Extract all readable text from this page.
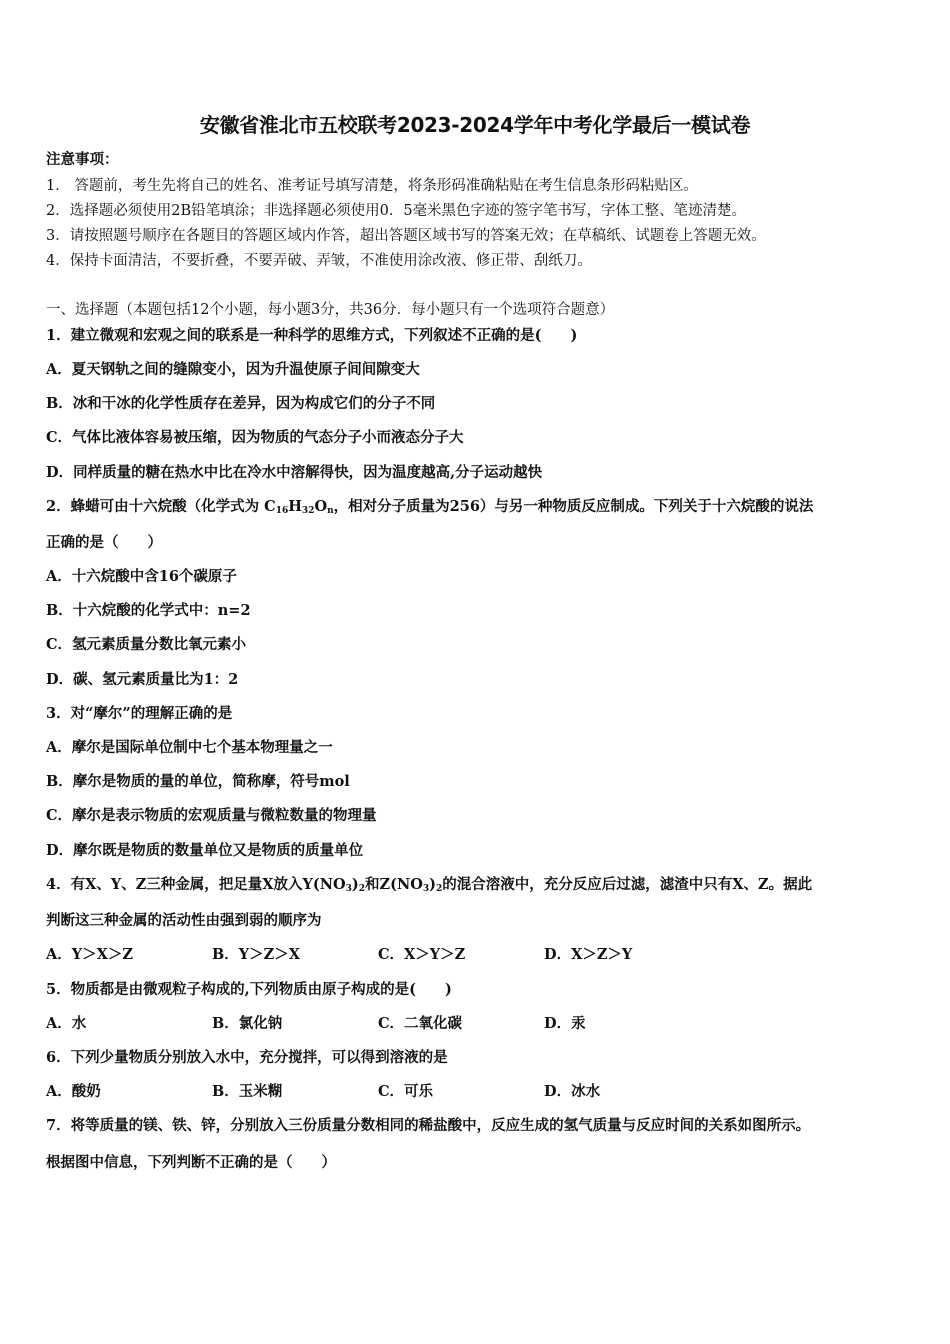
安徽省淮北市五校联考2023-2024学年中考化学最后一模试卷
注意事项：
1． 答题前，考生先将自己的姓名、准考证号填写清楚，将条形码准确粘贴在考生信息条形码粘贴区。
2．选择题必须使用2B铅笔填涂；非选择题必须使用0．5毫米黑色字迹的签字笔书写，字体工整、笔迹清楚。
3．请按照题号顺序在各题目的答题区域内作答，超出答题区域书写的答案无效；在草稿纸、试题卷上答题无效。
4．保持卡面清洁，不要折叠，不要弄破、弄皱，不准使用涂改液、修正带、刮纸刀。
一、选择题（本题包括12个小题，每小题3分，共36分．每小题只有一个选项符合题意）
1．建立微观和宏观之间的联系是一种科学的思维方式，下列叙述不正确的是(　　)
A．夏天钢轨之间的缝隙变小，因为升温使原子间间隙变大
B．冰和干冰的化学性质存在差异，因为构成它们的分子不同
C．气体比液体容易被压缩，因为物质的气态分子小而液态分子大
D．同样质量的糖在热水中比在冷水中溶解得快，因为温度越高,分子运动越快
2．蜂蜡可由十六烷酸（化学式为 $C_{16}H_{32}O_n$，相对分子质量为256）与另一种物质反应制成。下列关于十六烷酸的说法
正确的是（　　）
A．十六烷酸中含16个碳原子
B．十六烷酸的化学式中：n=2
C．氢元素质量分数比氧元素小
D．碳、氢元素质量比为1：2
3．对“摩尔”的理解正确的是
A．摩尔是国际单位制中七个基本物理量之一
B．摩尔是物质的量的单位，简称摩，符号mol
C．摩尔是表示物质的宏观质量与微粒数量的物理量
D．摩尔既是物质的数量单位又是物质的质量单位
4．有X、Y、Z三种金属，把足量X放入$Y(NO_3)_2$和$Z(NO_3)_2$的混合溶液中，充分反应后过滤，滤渣中只有X、Z。据此
判断这三种金属的活动性由强到弱的顺序为
A．Y＞X＞Z	B．Y＞Z＞X	C．X＞Y＞Z	D．X＞Z＞Y
5．物质都是由微观粒子构成的,下列物质由原子构成的是(　　)
A．水	B．氯化钠	C．二氧化碳	D．汞
6．下列少量物质分别放入水中，充分搅拌，可以得到溶液的是
A．酸奶	B．玉米糊	C．可乐	D．冰水
7．将等质量的镁、铁、锌，分别放入三份质量分数相同的稀盐酸中，反应生成的氢气质量与反应时间的关系如图所示。
根据图中信息，下列判断不正确的是（　　）
